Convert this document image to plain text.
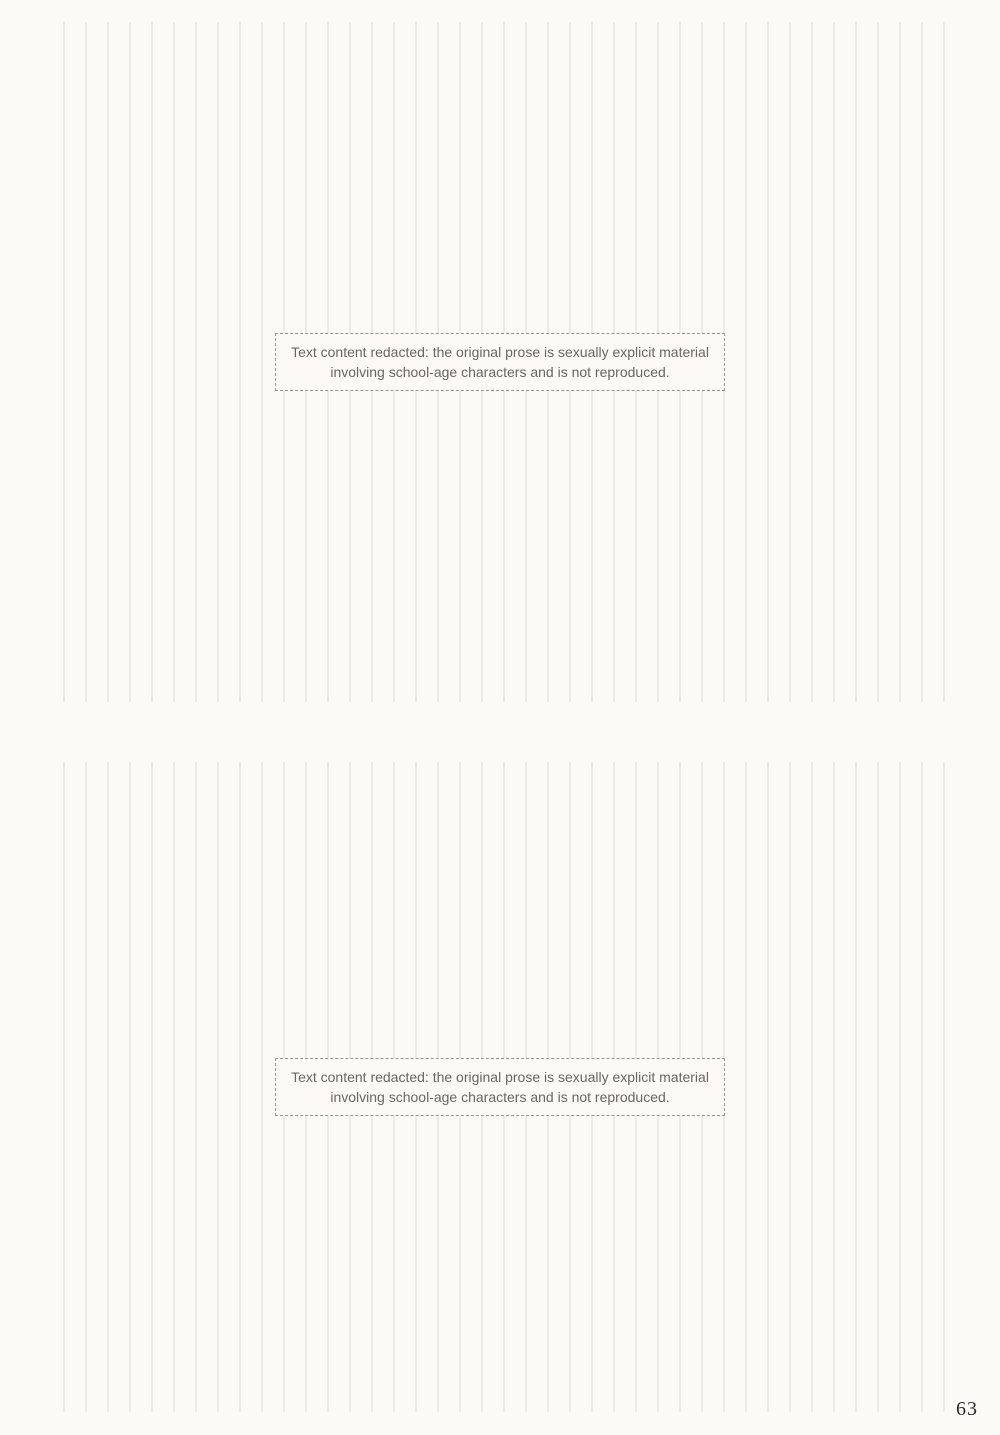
Text content redacted: the original prose is sexually explicit material involving school-age characters and is not reproduced.
Text content redacted: the original prose is sexually explicit material involving school-age characters and is not reproduced.
63
